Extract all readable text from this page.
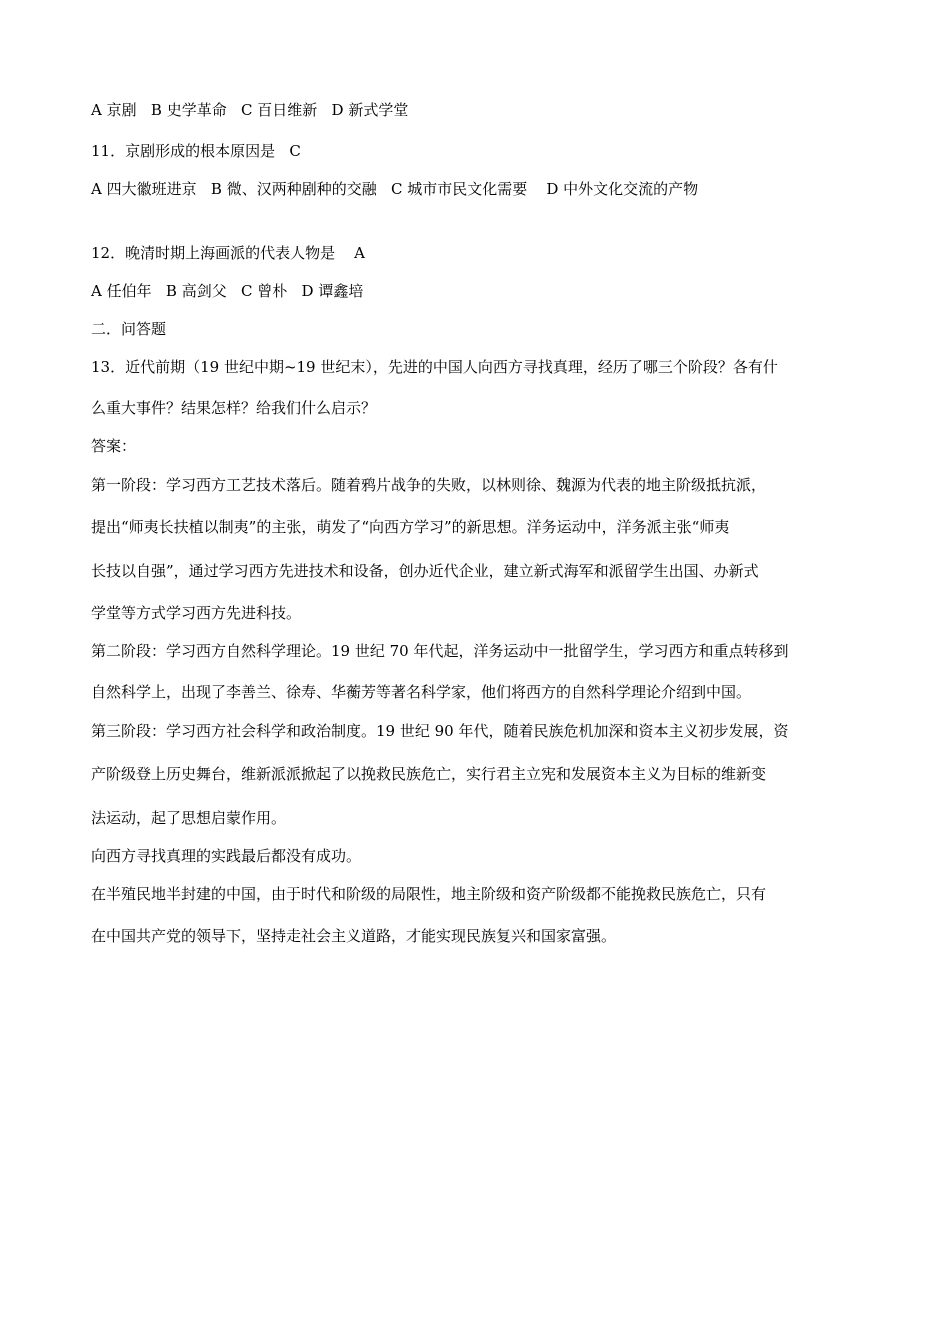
A 京剧   B 史学革命   C 百日维新   D 新式学堂
11．京剧形成的根本原因是   C
A 四大徽班进京   B 微、汉两种剧种的交融   C 城市市民文化需要    D 中外文化交流的产物
12．晚清时期上海画派的代表人物是    A
A 任伯年   B 高剑父   C 曾朴   D 谭鑫培
二．问答题
13．近代前期（19 世纪中期~19 世纪末），先进的中国人向西方寻找真理，经历了哪三个阶段？各有什
么重大事件？结果怎样？给我们什么启示？
答案：
第一阶段：学习西方工艺技术落后。随着鸦片战争的失败，以林则徐、魏源为代表的地主阶级抵抗派，
提出“师夷长扶植以制夷”的主张，萌发了“向西方学习”的新思想。洋务运动中，洋务派主张“师夷
长技以自强”，通过学习西方先进技术和设备，创办近代企业，建立新式海军和派留学生出国、办新式
学堂等方式学习西方先进科技。
第二阶段：学习西方自然科学理论。19 世纪 70 年代起，洋务运动中一批留学生，学习西方和重点转移到
自然科学上，出现了李善兰、徐寿、华蘅芳等著名科学家，他们将西方的自然科学理论介绍到中国。
第三阶段：学习西方社会科学和政治制度。19 世纪 90 年代，随着民族危机加深和资本主义初步发展，资
产阶级登上历史舞台，维新派派掀起了以挽救民族危亡，实行君主立宪和发展资本主义为目标的维新变
法运动，起了思想启蒙作用。
向西方寻找真理的实践最后都没有成功。
在半殖民地半封建的中国，由于时代和阶级的局限性，地主阶级和资产阶级都不能挽救民族危亡，只有
在中国共产党的领导下，坚持走社会主义道路，才能实现民族复兴和国家富强。
